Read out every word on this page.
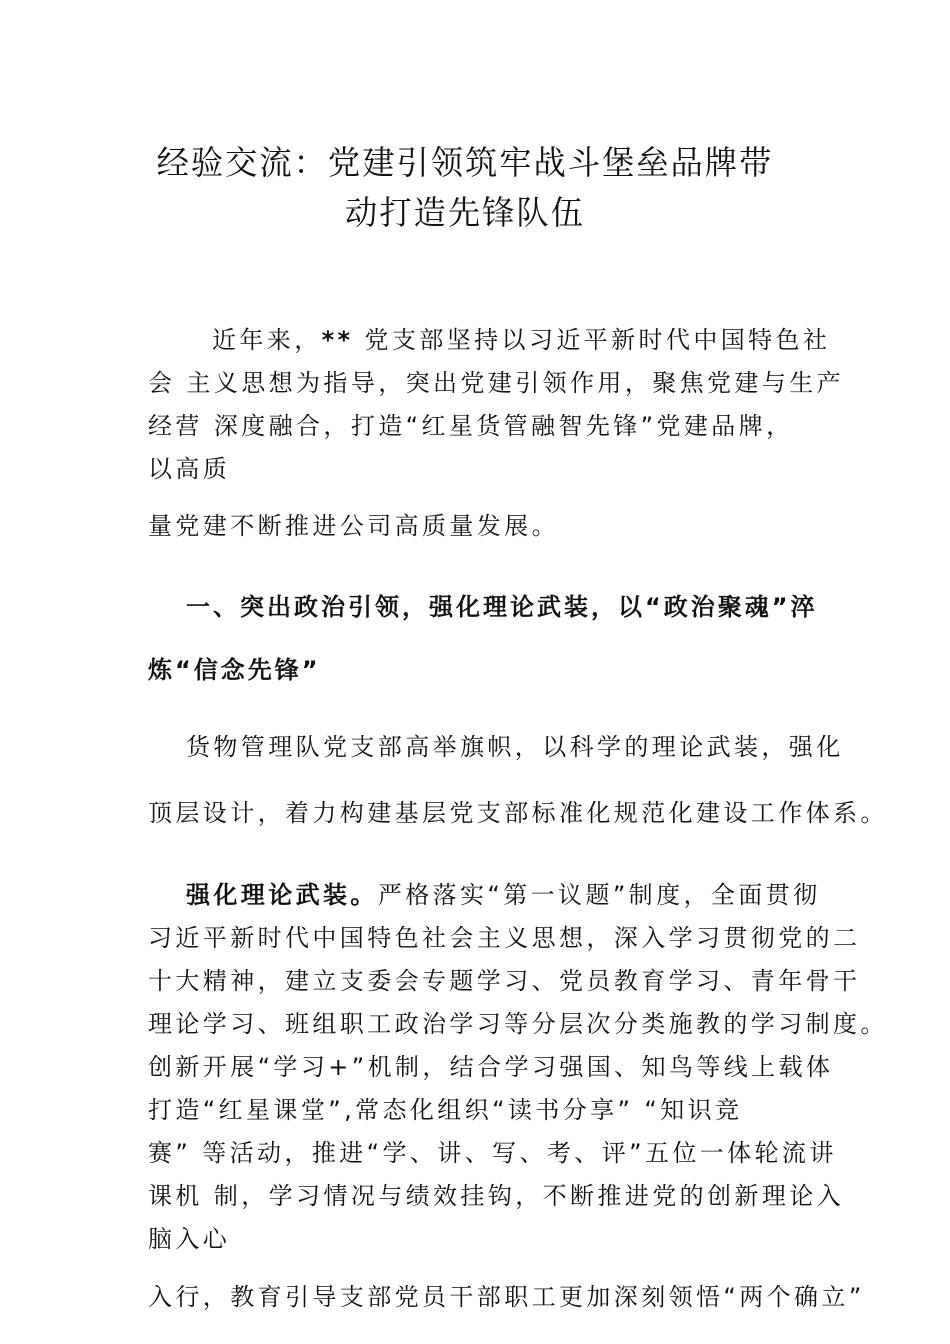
经验交流：党建引领筑牢战斗堡垒品牌带
动打造先锋队伍
近年来，** 党支部坚持以习近平新时代中国特色社
会 主义思想为指导，突出党建引领作用，聚焦党建与生产
经营 深度融合，打造“红星货管融智先锋”党建品牌，
以高质
量党建不断推进公司高质量发展。
一、突出政治引领，强化理论武装，以“政治聚魂”淬
炼“信念先锋”
货物管理队党支部高举旗帜，以科学的理论武装，强化
顶层设计，着力构建基层党支部标准化规范化建设工作体系。
强化理论武装。严格落实“第一议题”制度，全面贯彻
习近平新时代中国特色社会主义思想，深入学习贯彻党的二
十大精神，建立支委会专题学习、党员教育学习、青年骨干
理论学习、班组职工政治学习等分层次分类施教的学习制度。
创新开展“学习+”机制，结合学习强国、知鸟等线上载体
打造“红星课堂”,常态化组织“读书分享” “知识竞
赛” 等活动，推进“学、讲、写、考、评”五位一体轮流讲
课机 制，学习情况与绩效挂钩，不断推进党的创新理论入
脑入心
入行，教育引导支部党员干部职工更加深刻领悟“两个确立”
